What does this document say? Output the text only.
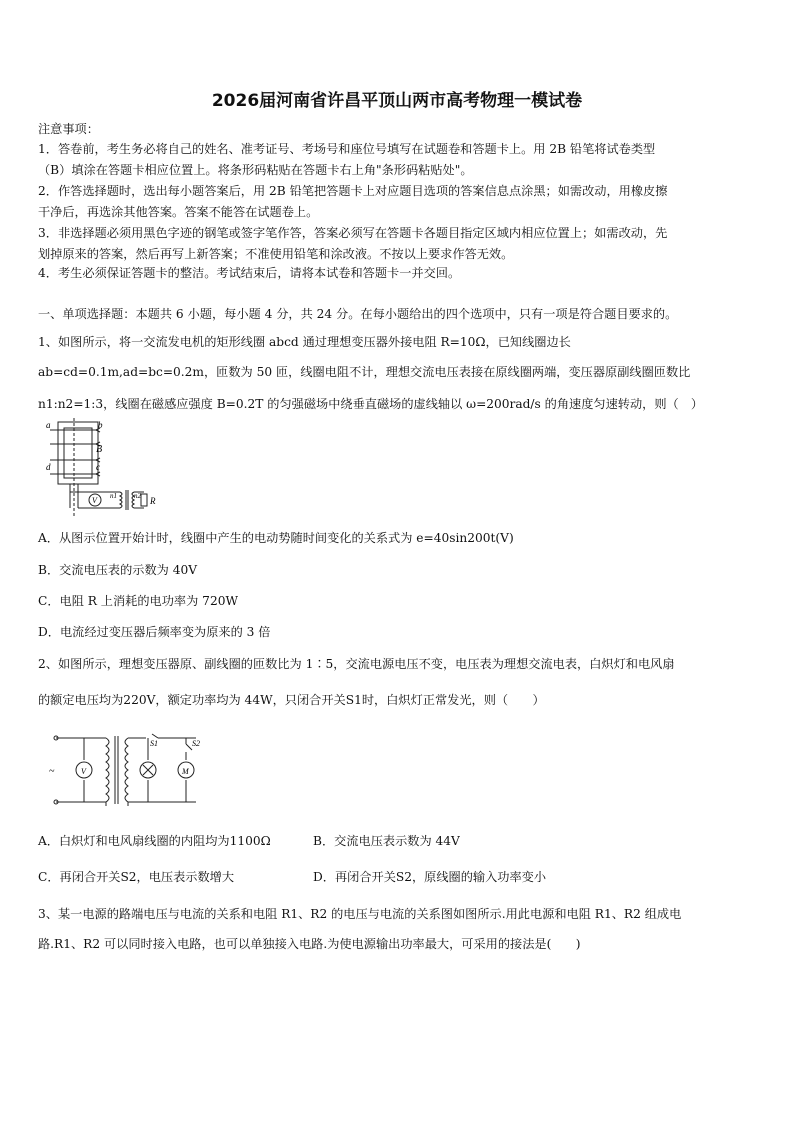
2026届河南省许昌平顶山两市高考物理一模试卷
注意事项：
1．答卷前，考生务必将自己的姓名、准考证号、考场号和座位号填写在试题卷和答题卡上。用 2B 铅笔将试卷类型
（B）填涂在答题卡相应位置上。将条形码粘贴在答题卡右上角"条形码粘贴处"。
2．作答选择题时，选出每小题答案后，用 2B 铅笔把答题卡上对应题目选项的答案信息点涂黑；如需改动，用橡皮擦
干净后，再选涂其他答案。答案不能答在试题卷上。
3．非选择题必须用黑色字迹的钢笔或签字笔作答，答案必须写在答题卡各题目指定区域内相应位置上；如需改动，先
划掉原来的答案，然后再写上新答案；不准使用铅笔和涂改液。不按以上要求作答无效。
4．考生必须保证答题卡的整洁。考试结束后，请将本试卷和答题卡一并交回。
一、单项选择题：本题共 6 小题，每小题 4 分，共 24 分。在每小题给出的四个选项中，只有一项是符合题目要求的。
1、如图所示，将一交流发电机的矩形线圈 abcd 通过理想变压器外接电阻 R=10Ω，已知线圈边长
ab=cd=0.1m,ad=bc=0.2m，匝数为 50 匝，线圈电阻不计，理想交流电压表接在原线圈两端，变压器原副线圈匝数比
n1:n2=1:3，线圈在磁感应强度 B=0.2T 的匀强磁场中绕垂直磁场的虚线轴以 ω=200rad/s 的角速度匀速转动，则（　）
a	b
B
c
d
V n1 n2 R
A．从图示位置开始计时，线圈中产生的电动势随时间变化的关系式为 e=40sin200t(V)
B．交流电压表的示数为 40V
C．电阻 R 上消耗的电功率为 720W
D．电流经过变压器后频率变为原来的 3 倍
2、如图所示，理想变压器原、副线圈的匝数比为 1∶5，交流电源电压不变，电压表为理想交流电表，白炽灯和电风扇
的额定电压均为220V，额定功率均为 44W，只闭合开关S1时，白炽灯正常发光，则（　　）
~	V
S1	S2
M
A．白炽灯和电风扇线圈的内阻均为1100Ω	B．交流电压表示数为 44V
C．再闭合开关S2，电压表示数增大	D．再闭合开关S2，原线圈的输入功率变小
3、某一电源的路端电压与电流的关系和电阻 R1、R2 的电压与电流的关系图如图所示.用此电源和电阻 R1、R2 组成电
路.R1、R2 可以同时接入电路，也可以单独接入电路.为使电源输出功率最大，可采用的接法是(　　)
